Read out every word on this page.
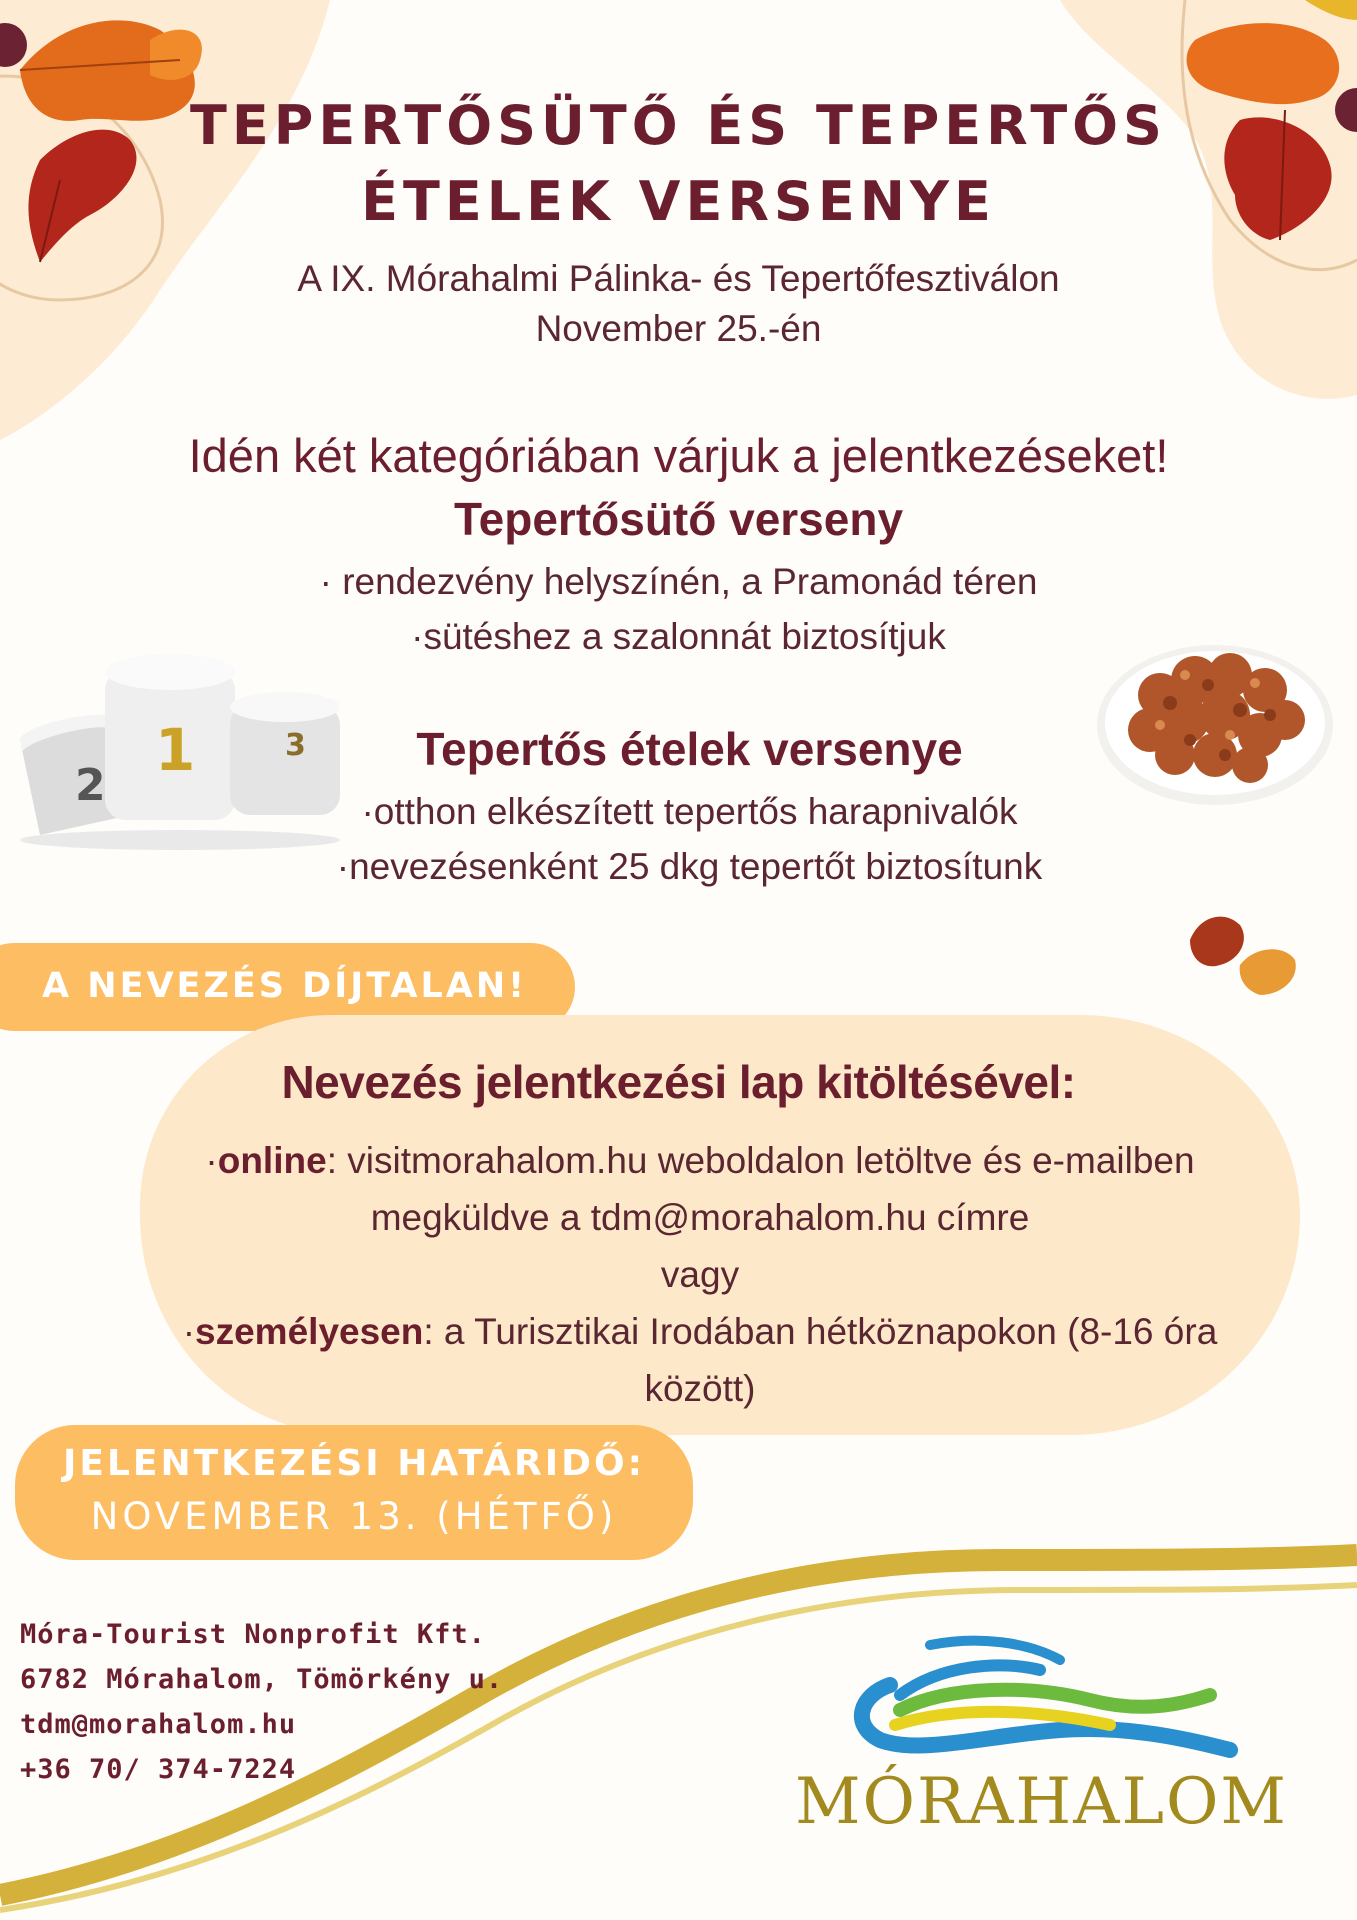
TEPERTŐSÜTŐ ÉS TEPERTŐS
ÉTELEK VERSENYE
A IX. Mórahalmi Pálinka- és Tepertőfesztiválon
November 25.-én
Idén két kategóriában várjuk a jelentkezéseket!
Tepertősütő verseny
· rendezvény helyszínén, a Pramonád téren
·sütéshez a szalonnát biztosítjuk
Tepertős ételek versenye
·otthon elkészített tepertős harapnivalók
·nevezésenként 25 dkg tepertőt biztosítunk
2
1	3
A NEVEZÉS DÍJTALAN!
Nevezés jelentkezési lap kitöltésével:
·online: visitmorahalom.hu weboldalon letöltve és e-mailben megküldve a tdm@morahalom.hu címre
vagy
·személyesen: a Turisztikai Irodában hétköznapokon (8-16 óra között)
JELENTKEZÉSI HATÁRIDŐ:
NOVEMBER 13. (HÉTFŐ)
Móra-Tourist Nonprofit Kft.
6782 Mórahalom, Tömörkény u.
tdm@morahalom.hu
+36 70/ 374-7224	MÓRAHALOM
